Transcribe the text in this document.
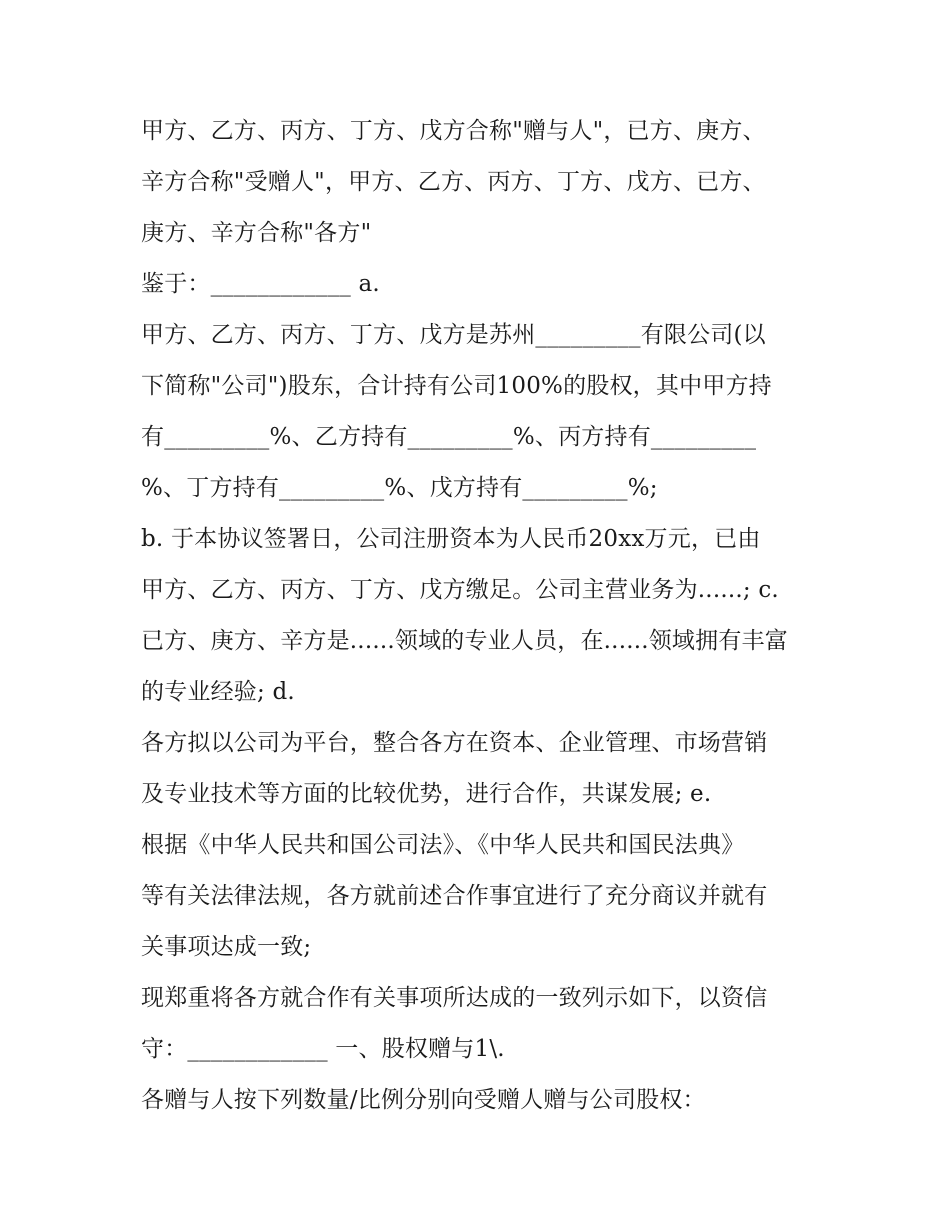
甲方、乙方、丙方、丁方、戊方合称"赠与人"，已方、庚方、
辛方合称"受赠人"，甲方、乙方、丙方、丁方、戊方、已方、
庚方、辛方合称"各方"
鉴于：____________ a.
甲方、乙方、丙方、丁方、戊方是苏州_________有限公司(以
下简称"公司")股东，合计持有公司100%的股权，其中甲方持
有_________%、乙方持有_________%、丙方持有_________
%、丁方持有_________%、戊方持有_________%;
b. 于本协议签署日，公司注册资本为人民币20xx万元，已由
甲方、乙方、丙方、丁方、戊方缴足。公司主营业务为......; c.
已方、庚方、辛方是......领域的专业人员，在......领域拥有丰富
的专业经验; d.
各方拟以公司为平台，整合各方在资本、企业管理、市场营销
及专业技术等方面的比较优势，进行合作，共谋发展; e.
根据《中华人民共和国公司法》、《中华人民共和国民法典》
等有关法律法规，各方就前述合作事宜进行了充分商议并就有
关事项达成一致;
现郑重将各方就合作有关事项所达成的一致列示如下，以资信
守：____________ 一、股权赠与1\.
各赠与人按下列数量/比例分别向受赠人赠与公司股权：
